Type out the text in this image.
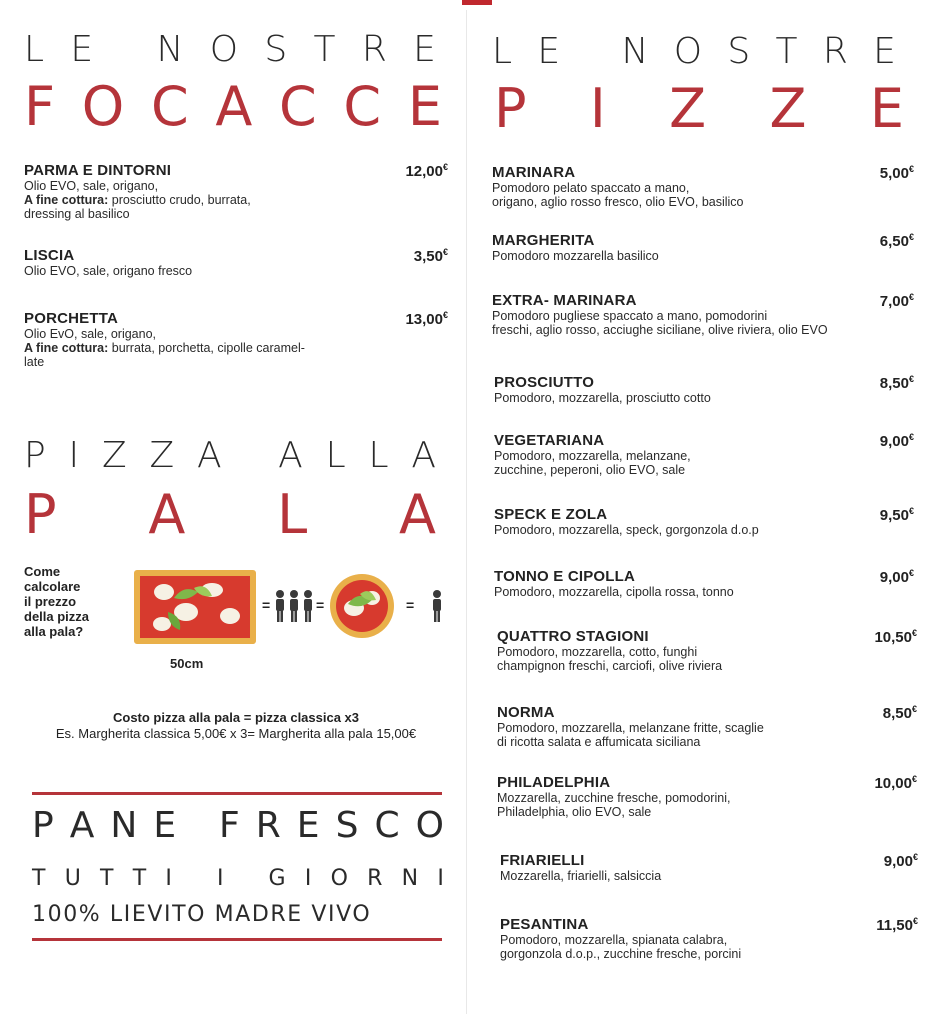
L E
N O S T R E
F O C A C C E
PARMA E DINTORNI	12,00€
Olio EVO, sale, origano,
A fine cottura: prosciutto crudo, burrata,
dressing al basilico
LISCIA	3,50€
Olio EVO, sale, origano fresco
PORCHETTA	13,00€
Olio EvO, sale, origano,
A fine cottura: burrata, porchetta, cipolle caramel-
late
P I Z Z A
A L L A
P A L A
Come
calcolare
il prezzo
della pizza
alla pala?
=	=	=
50cm
Costo pizza alla pala = pizza classica x3
Es. Margherita classica 5,00€ x 3= Margherita alla pala 15,00€
P A N E
F R E S C O
T U T T I
I
G I O R N I
100% LIEVITO MADRE VIVO
L E
N O S T R E
P I Z Z E
MARINARA	5,00€
Pomodoro pelato spaccato a mano,
origano, aglio rosso fresco, olio EVO, basilico
MARGHERITA	6,50€
Pomodoro mozzarella basilico
EXTRA- MARINARA	7,00€
Pomodoro pugliese spaccato a mano, pomodorini
freschi, aglio rosso, acciughe siciliane, olive riviera, olio EVO
PROSCIUTTO	8,50€
Pomodoro, mozzarella, prosciutto cotto
VEGETARIANA	9,00€
Pomodoro, mozzarella, melanzane,
zucchine, peperoni, olio EVO, sale
SPECK E ZOLA	9,50€
Pomodoro, mozzarella, speck, gorgonzola d.o.p
TONNO E CIPOLLA	9,00€
Pomodoro, mozzarella, cipolla rossa, tonno
QUATTRO STAGIONI	10,50€
Pomodoro, mozzarella, cotto, funghi
champignon freschi, carciofi, olive riviera
NORMA	8,50€
Pomodoro, mozzarella, melanzane fritte, scaglie
di ricotta salata e affumicata siciliana
PHILADELPHIA	10,00€
Mozzarella, zucchine fresche, pomodorini,
Philadelphia, olio EVO, sale
FRIARIELLI	9,00€
Mozzarella, friarielli, salsiccia
PESANTINA	11,50€
Pomodoro, mozzarella, spianata calabra,
gorgonzola d.o.p., zucchine fresche, porcini
